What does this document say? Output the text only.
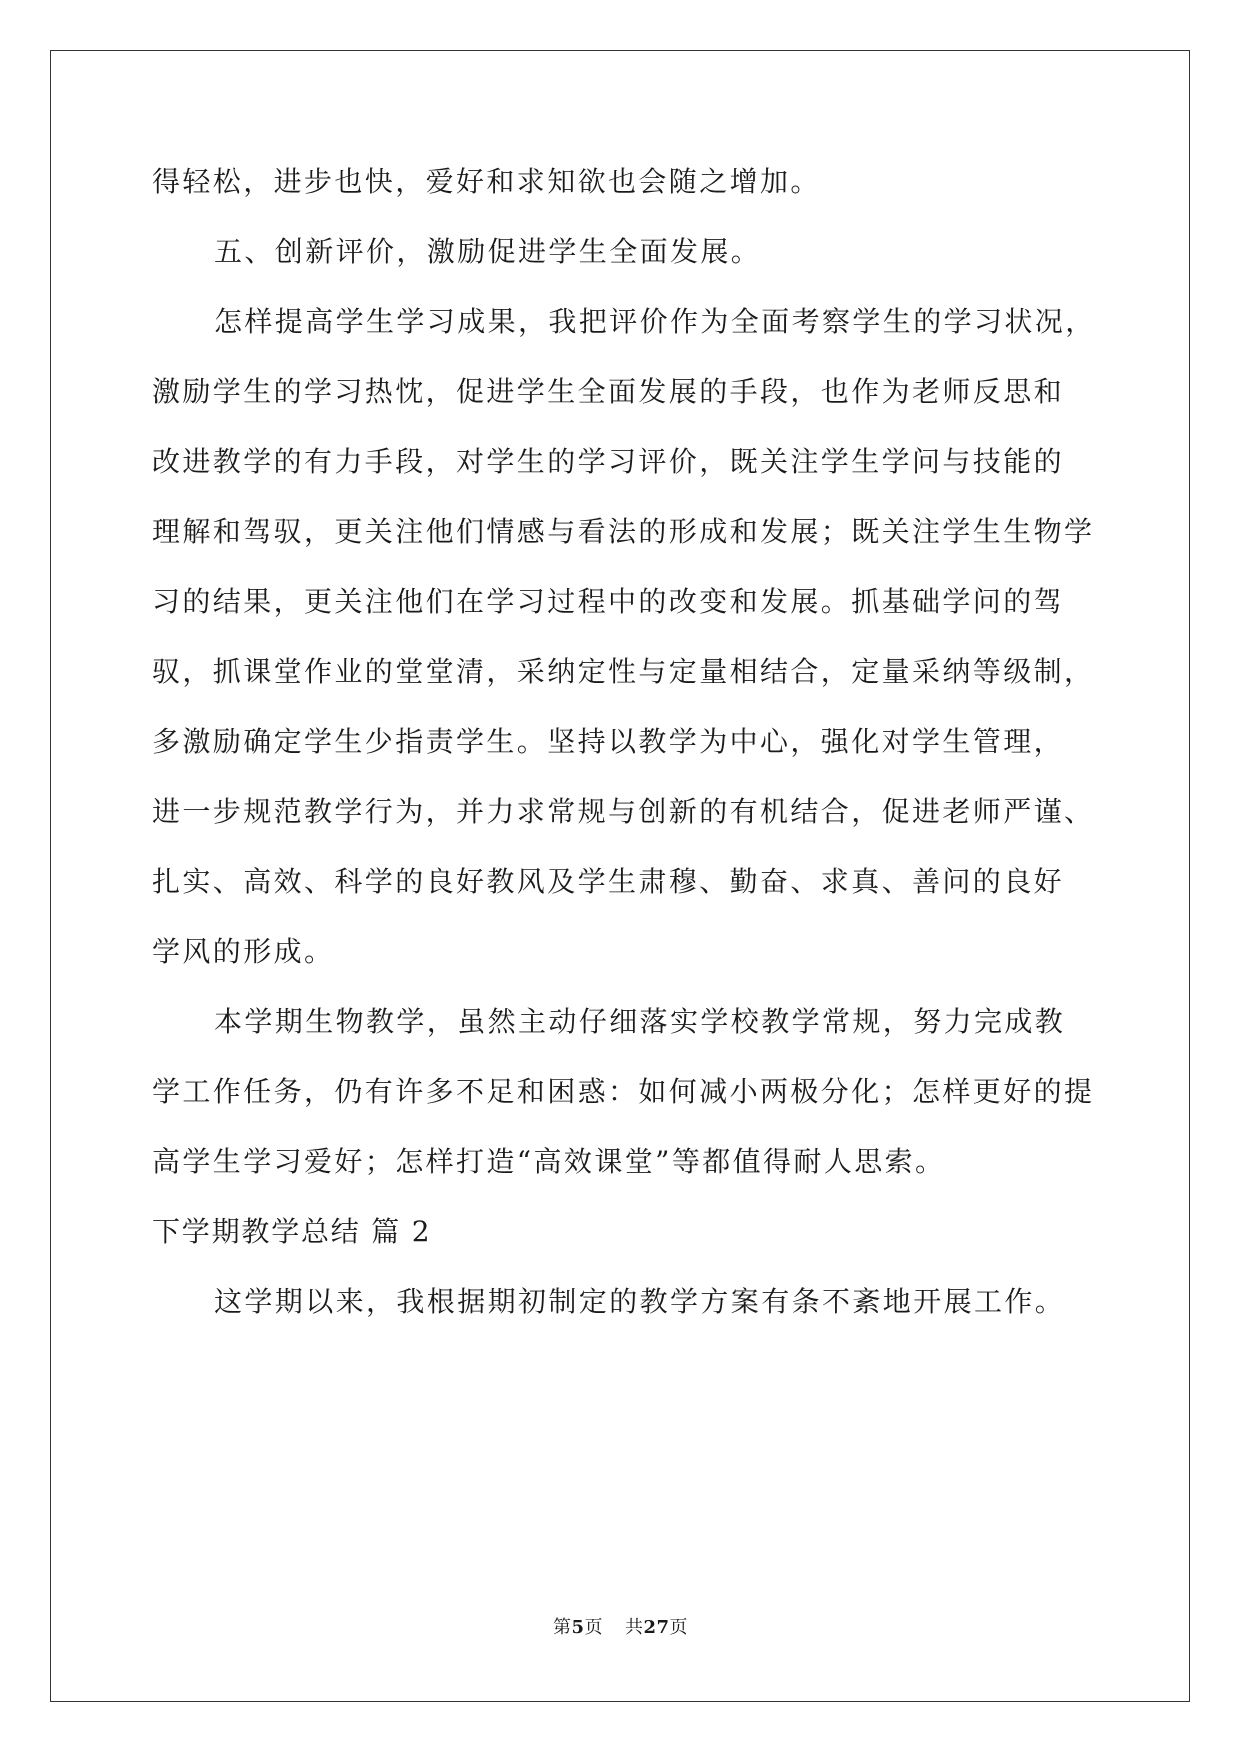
得轻松，进步也快，爱好和求知欲也会随之增加。
五、创新评价，激励促进学生全面发展。
怎样提高学生学习成果，我把评价作为全面考察学生的学习状况，
激励学生的学习热忱，促进学生全面发展的手段，也作为老师反思和
改进教学的有力手段，对学生的学习评价，既关注学生学问与技能的
理解和驾驭，更关注他们情感与看法的形成和发展；既关注学生生物学
习的结果，更关注他们在学习过程中的改变和发展。抓基础学问的驾
驭，抓课堂作业的堂堂清，采纳定性与定量相结合，定量采纳等级制，
多激励确定学生少指责学生。坚持以教学为中心，强化对学生管理，
进一步规范教学行为，并力求常规与创新的有机结合，促进老师严谨、
扎实、高效、科学的良好教风及学生肃穆、勤奋、求真、善问的良好
学风的形成。
本学期生物教学，虽然主动仔细落实学校教学常规，努力完成教
学工作任务，仍有许多不足和困惑：如何减小两极分化；怎样更好的提
高学生学习爱好；怎样打造“高效课堂”等都值得耐人思索。
下学期教学总结 篇 2
这学期以来，我根据期初制定的教学方案有条不紊地开展工作。
第5页 共27页
